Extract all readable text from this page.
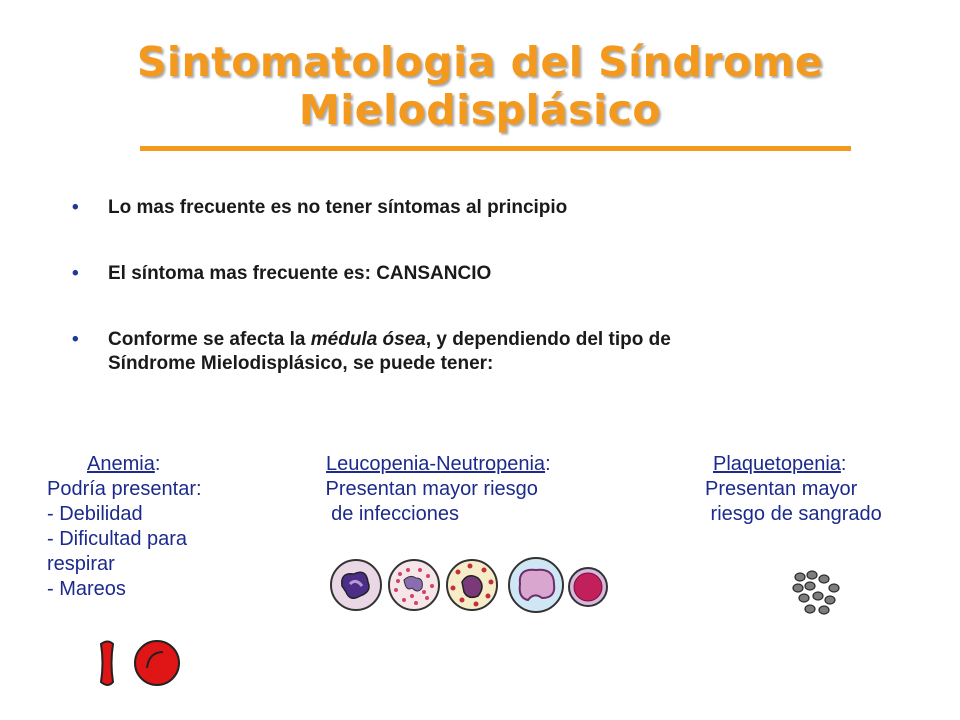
Sintomatologia del Síndrome
Mielodisplásico
• Lo mas frecuente es no tener síntomas al principio
• El síntoma mas frecuente es: CANSANCIO
• Conforme se afecta la médula ósea, y dependiendo del tipo de
Síndrome Mielodisplásico, se puede tener:
Anemia:
Podría presentar:
- Debilidad
- Dificultad para
respirar
- Mareos
Leucopenia-Neutropenia:
Presentan mayor riesgo
de infecciones
Plaquetopenia:
Presentan mayor
riesgo de sangrado
